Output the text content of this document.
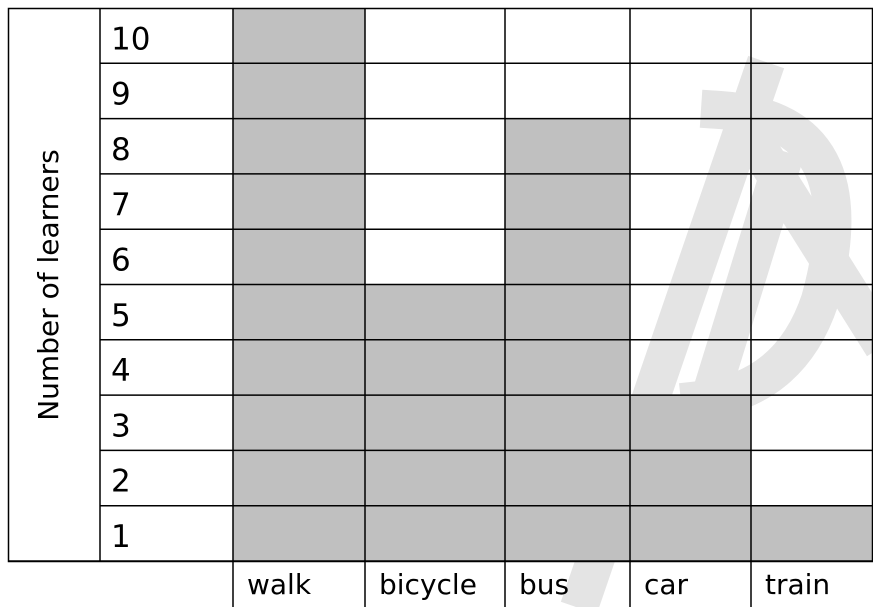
1
2
3
4
5
6
7
8
9
10
walk bicycle bus	car	train
Number of learners
